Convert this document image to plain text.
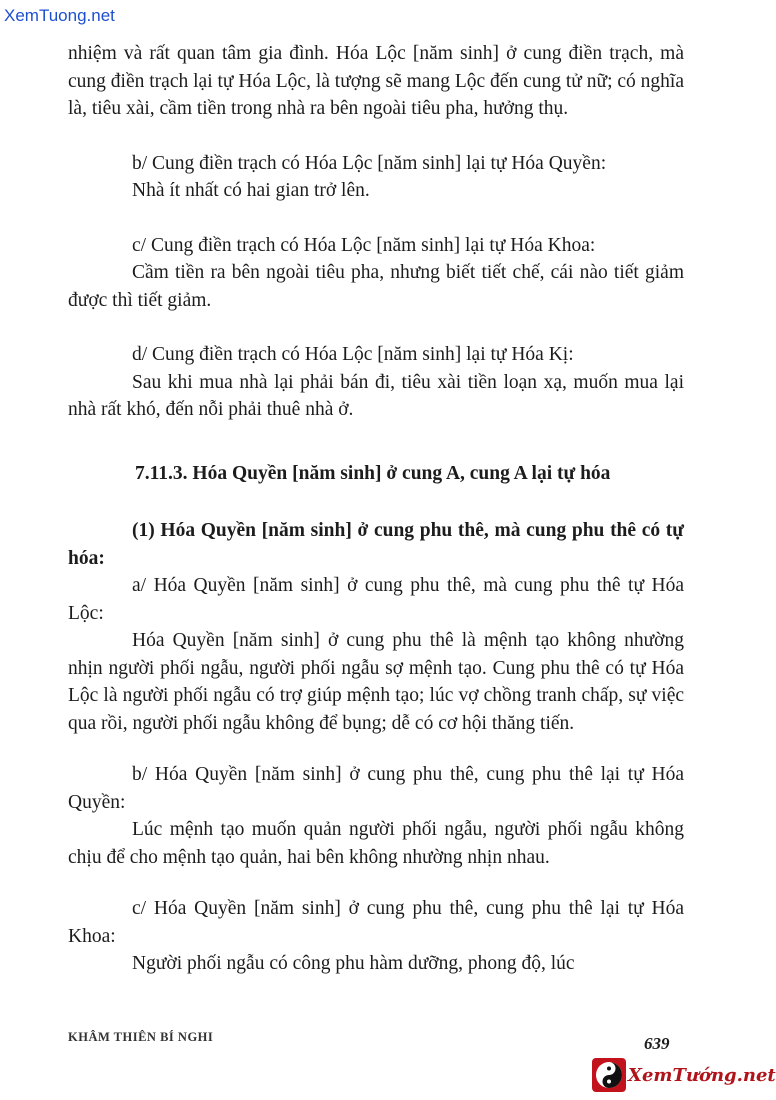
XemTuong.net

nhiệm và rất quan tâm gia đình. Hóa Lộc [năm sinh] ở cung điền trạch, mà cung điền trạch lại tự Hóa Lộc, là tượng sẽ mang Lộc đến cung tử nữ; có nghĩa là, tiêu xài, cầm tiền trong nhà ra bên ngoài tiêu pha, hưởng thụ.

b/ Cung điền trạch có Hóa Lộc [năm sinh] lại tự Hóa Quyền:

Nhà ít nhất có hai gian trở lên.

c/ Cung điền trạch có Hóa Lộc [năm sinh] lại tự Hóa Khoa:

Cầm tiền ra bên ngoài tiêu pha, nhưng biết tiết chế, cái nào tiết giảm được thì tiết giảm.

d/ Cung điền trạch có Hóa Lộc [năm sinh] lại tự Hóa Kị:

Sau khi mua nhà lại phải bán đi, tiêu xài tiền loạn xạ, muốn mua lại nhà rất khó, đến nỗi phải thuê nhà ở.

7.11.3. Hóa Quyền [năm sinh] ở cung A, cung A lại tự hóa

(1) Hóa Quyền [năm sinh] ở cung phu thê, mà cung phu thê có tự hóa:

a/ Hóa Quyền [năm sinh] ở cung phu thê, mà cung phu thê tự Hóa Lộc:

Hóa Quyền [năm sinh] ở cung phu thê là mệnh tạo không nhường nhịn người phối ngẫu, người phối ngẫu sợ mệnh tạo. Cung phu thê có tự Hóa Lộc là người phối ngẫu có trợ giúp mệnh tạo; lúc vợ chồng tranh chấp, sự việc qua rồi, người phối ngẫu không để bụng; dễ có cơ hội thăng tiến.

b/ Hóa Quyền [năm sinh] ở cung phu thê, cung phu thê lại tự Hóa Quyền:

Lúc mệnh tạo muốn quản người phối ngẫu, người phối ngẫu không chịu để cho mệnh tạo quản, hai bên không nhường nhịn nhau.

c/ Hóa Quyền [năm sinh] ở cung phu thê, cung phu thê lại tự Hóa Khoa:

Người phối ngẫu có công phu hàm dưỡng, phong độ, lúc

KHÂM THIÊN BÍ NGHI	639
XemTướng.net
